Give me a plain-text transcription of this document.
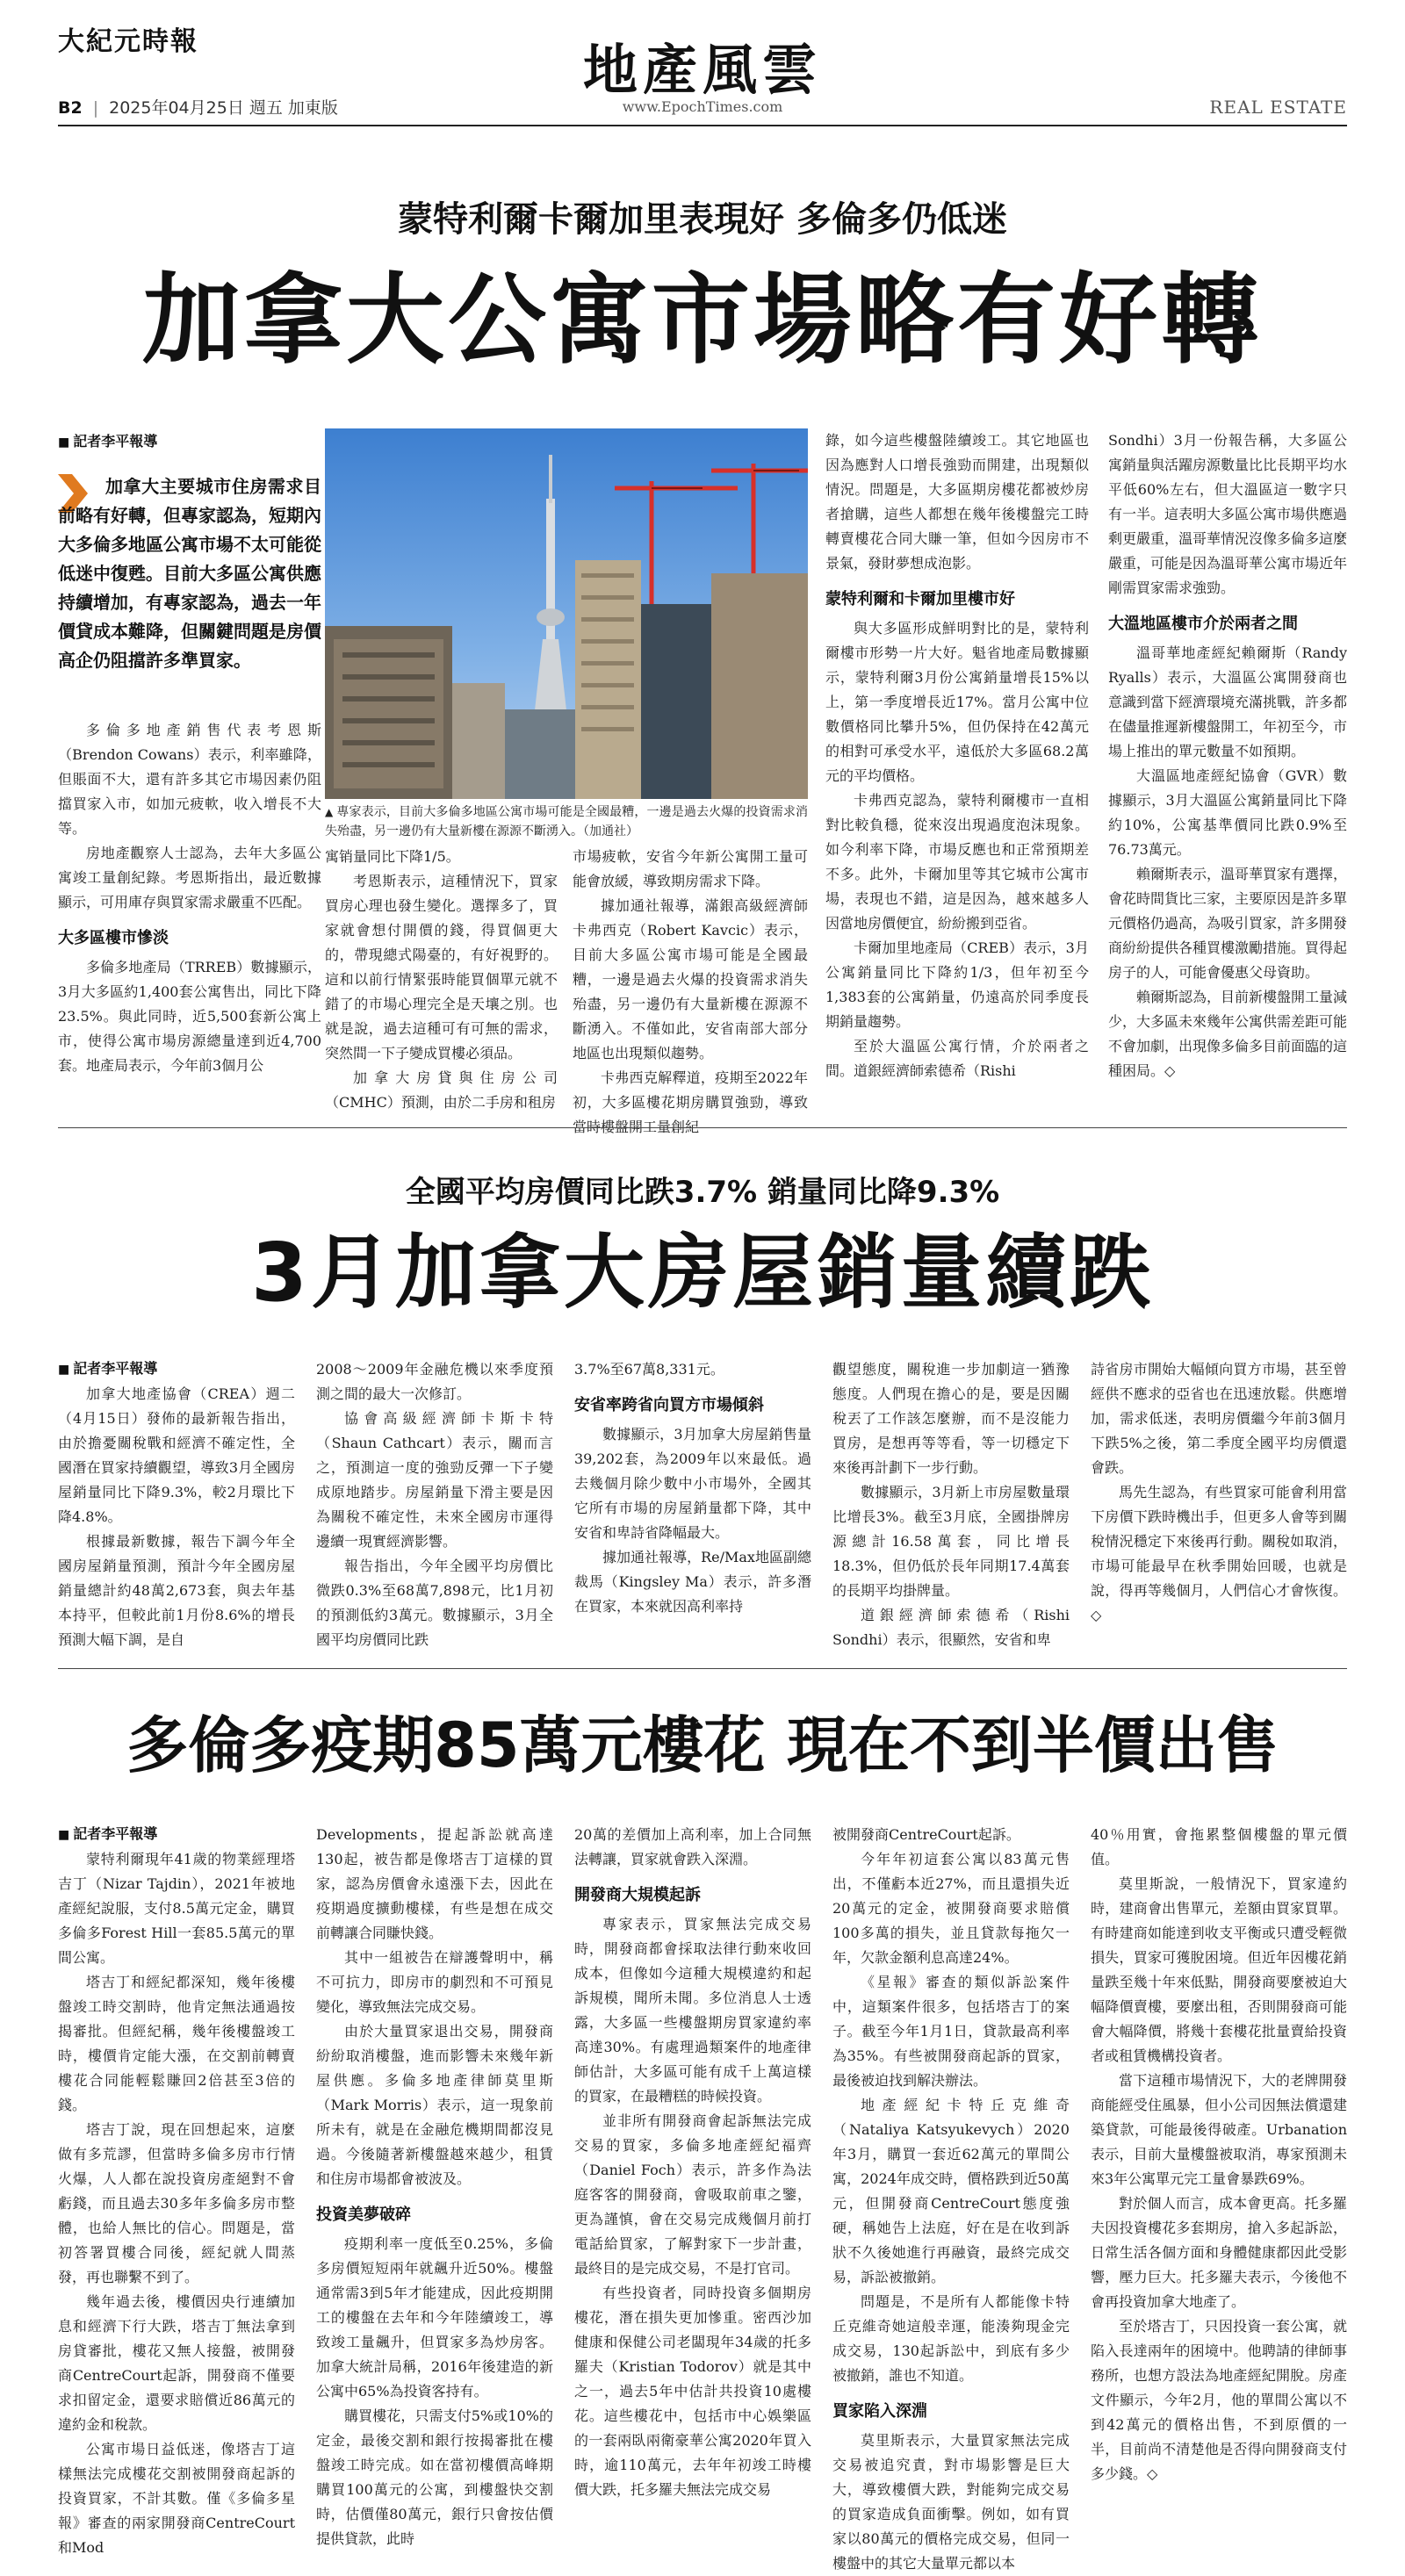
大紀元時報
B2 | 2025年04月25日 週五 加東版
地產風雲
www.EpochTimes.com	REAL ESTATE
蒙特利爾卡爾加里表現好 多倫多仍低迷
加拿大公寓市場略有好轉
■ 記者李平報導
加拿大主要城市住房需求目前略有好轉，但專家認為，短期內大多倫多地區公寓市場不太可能從低迷中復甦。目前大多區公寓供應持續增加，有專家認為，過去一年價貸成本難降，但關鍵問題是房價高企仍阻擋許多準買家。

多倫多地產銷售代表考恩斯（Brendon Cowans）表示，利率雖降，但賬面不大，還有許多其它市場因素仍阻擋買家入市，如加元疲軟，收入增長不大等。

房地產觀察人士認為，去年大多區公寓竣工量創紀錄。考恩斯指出，最近數據顯示，可用庫存與買家需求嚴重不匹配。

大多區樓市慘淡

多倫多地產局（TRREB）數據顯示，3月大多區約1,400套公寓售出，同比下降23.5%。與此同時，近5,500套新公寓上市，使得公寓市場房源總量達到近4,700套。地產局表示，今年前3個月公

▲ 專家表示，目前大多倫多地區公寓市場可能是全國最糟，一邊是過去火爆的投資需求消失殆盡，另一邊仍有大量新樓在源源不斷湧入。（加通社）

寓销量同比下降1/5。

考恩斯表示，這種情況下，買家買房心理也發生變化。選擇多了，買家就會想付開價的錢，得買個更大的，帶現總式陽臺的，有好視野的。這和以前行情緊張時能買個單元就不錯了的市場心理完全是天壤之別。也就是說，過去這種可有可無的需求，突然間一下子變成買樓必須品。

加拿大房貸與住房公司（CMHC）預測，由於二手房和租房

市場疲軟，安省今年新公寓開工量可能會放緩，導致期房需求下降。

據加通社報導，滿銀高級經濟師卡弗西克（Robert Kavcic）表示，目前大多區公寓市場可能是全國最糟，一邊是過去火爆的投資需求消失殆盡，另一邊仍有大量新樓在源源不斷湧入。不僅如此，安省南部大部分地區也出現類似趨勢。

卡弗西克解釋道，疫期至2022年初，大多區樓花期房購買強勁，導致當時樓盤開工量創紀

錄，如今這些樓盤陸續竣工。其它地區也因為應對人口增長強勁而開建，出現類似情況。問題是，大多區期房樓花都被炒房者搶購，這些人都想在幾年後樓盤完工時轉賣樓花合同大賺一筆，但如今因房市不景氣，發財夢想成泡影。

蒙特利爾和卡爾加里樓市好

與大多區形成鮮明對比的是，蒙特利爾樓市形勢一片大好。魁省地產局數據顯示，蒙特利爾3月份公寓銷量增長15%以上，第一季度增長近17%。當月公寓中位數價格同比攀升5%，但仍保持在42萬元的相對可承受水平，遠低於大多區68.2萬元的平均價格。

卡弗西克認為，蒙特利爾樓市一直相對比較負穩，從來沒出現過度泡沫現象。如今利率下降，市場反應也和正常預期差不多。此外，卡爾加里等其它城市公寓市場，表現也不錯，這是因為，越來越多人因當地房價便宜，紛紛搬到亞省。

卡爾加里地產局（CREB）表示，3月公寓銷量同比下降約1/3，但年初至今1,383套的公寓銷量，仍遠高於同季度長期銷量趨勢。

至於大溫區公寓行情，介於兩者之間。道銀經濟師索德希（Rishi

Sondhi）3月一份報告稱，大多區公寓銷量與活躍房源數量比比長期平均水平低60%左右，但大溫區這一數字只有一半。這表明大多區公寓市場供應過剩更嚴重，溫哥華情況沒像多倫多這麼嚴重，可能是因為溫哥華公寓市場近年剛需買家需求強勁。

大溫地區樓市介於兩者之間

溫哥華地產經紀賴爾斯（Randy Ryalls）表示，大溫區公寓開發商也意識到當下經濟環境充滿挑戰，許多都在儘量推遲新樓盤開工，年初至今，市場上推出的單元數量不如預期。

大溫區地產經紀協會（GVR）數據顯示，3月大溫區公寓銷量同比下降約10%，公寓基準價同比跌0.9%至76.73萬元。

賴爾斯表示，溫哥華買家有選擇，會花時間貨比三家，主要原因是許多單元價格仍過高，為吸引買家，許多開發商紛紛提供各種買樓激勵措施。買得起房子的人，可能會優惠父母資助。

賴爾斯認為，目前新樓盤開工量減少，大多區未來幾年公寓供需差距可能不會加劇，出現像多倫多目前面臨的這種困局。◇

全國平均房價同比跌3.7% 銷量同比降9.3%
3月加拿大房屋銷量續跌
■ 記者李平報導

加拿大地產協會（CREA）週二（4月15日）發佈的最新報告指出，由於擔憂關稅戰和經濟不確定性，全國潛在買家持續觀望，導致3月全國房屋銷量同比下降9.3%，較2月環比下降4.8%。

根據最新數據，報告下調今年全國房屋銷量預測，預計今年全國房屋銷量總計約48萬2,673套，與去年基本持平，但較此前1月份8.6%的增長預測大幅下調，是自

2008～2009年金融危機以來季度預測之間的最大一次修訂。

協會高級經濟師卡斯卡特（Shaun Cathcart）表示，關而言之，預測這一度的強勁反彈一下子變成原地踏步。房屋銷量下滑主要是因為關稅不確定性，未來全國房市運得邊續一現實經濟影響。

報告指出，今年全國平均房價比微跌0.3%至68萬7,898元，比1月初的預測低約3萬元。數據顯示，3月全國平均房價同比跌

3.7%至67萬8,331元。

安省率跨省向買方市場傾斜

數據顯示，3月加拿大房屋銷售量39,202套，為2009年以來最低。過去幾個月除少數中小市場外，全國其它所有市場的房屋銷量都下降，其中安省和卑詩省降幅最大。

據加通社報導，Re/Max地區副總裁馬（Kingsley Ma）表示，許多潛在買家，本來就因高利率持

觀望態度，關稅進一步加劇這一猶豫態度。人們現在擔心的是，要是因關稅丟了工作該怎麼辦，而不是沒能力買房，是想再等等看，等一切穩定下來後再計劃下一步行動。

數據顯示，3月新上市房屋數量環比增長3%。截至3月底，全國掛牌房源總計16.58萬套，同比增長18.3%，但仍低於長年同期17.4萬套的長期平均掛牌量。

道銀經濟師索德希（Rishi Sondhi）表示，很顯然，安省和卑

詩省房市開始大幅傾向買方市場，甚至曾經供不應求的亞省也在迅速放鬆。供應增加，需求低迷，表明房價繼今年前3個月下跌5%之後，第二季度全國平均房價還會跌。

馬先生認為，有些買家可能會利用當下房價下跌時機出手，但更多人會等到關稅情況穩定下來後再行動。關稅如取消，市場可能最早在秋季開始回暖，也就是說，得再等幾個月，人們信心才會恢復。◇

多倫多疫期85萬元樓花 現在不到半價出售
■ 記者李平報導

蒙特利爾現年41歲的物業經理塔吉丁（Nizar Tajdin），2021年被地產經紀說服，支付8.5萬元定金，購買多倫多Forest Hill一套85.5萬元的單間公寓。

塔吉丁和經紀都深知，幾年後樓盤竣工時交割時，他肯定無法通過按揭審批。但經紀稱，幾年後樓盤竣工時，樓價肯定能大漲，在交割前轉賣樓花合同能輕鬆賺回2倍甚至3倍的錢。

塔吉丁說，現在回想起來，這麼做有多荒謬，但當時多倫多房市行情火爆，人人都在說投資房產絕對不會虧錢，而且過去30多年多倫多房市整體，也給人無比的信心。問題是，當初答署買樓合同後，經紀就人間蒸發，再也聯繫不到了。

幾年過去後，樓價因央行連續加息和經濟下行大跌，塔吉丁無法拿到房貸審批，樓花又無人接盤，被開發商CentreCourt起訴，開發商不僅要求扣留定金，還要求賠償近86萬元的違約金和稅款。

公寓市場日益低迷，像塔吉丁這樣無法完成樓花交割被開發商起訴的投資買家，不計其數。僅《多倫多星報》審查的兩家開發商CentreCourt和Mod

Developments，提起訴訟就高達130起，被告都是像塔吉丁這樣的買家，認為房價會永遠漲下去，因此在疫期過度擴動樓樣，有些是想在成交前轉讓合同賺快錢。

其中一組被告在辯護聲明中，稱不可抗力，即房市的劇烈和不可預見變化，導致無法完成交易。

由於大量買家退出交易，開發商紛紛取消樓盤，進而影響未來幾年新屋供應。多倫多地產律師莫里斯（Mark Morris）表示，這一現象前所未有，就是在金融危機期間都沒見過。今後隨著新樓盤越來越少，租賃和住房市場都會被波及。

投資美夢破碎

疫期利率一度低至0.25%，多倫多房價短短兩年就飆升近50%。樓盤通常需3到5年才能建成，因此疫期開工的樓盤在去年和今年陸續竣工，導致竣工量飆升，但買家多為炒房客。加拿大統計局稱，2016年後建造的新公寓中65%為投資客持有。

購買樓花，只需支付5%或10%的定金，最後交割和銀行按揭審批在樓盤竣工時完成。如在當初樓價高峰期購買100萬元的公寓，到樓盤快交割時，估價僅80萬元，銀行只會按估價提供貸款，此時

20萬的差價加上高利率，加上合同無法轉讓，買家就會跌入深淵。

開發商大規模起訴

專家表示，買家無法完成交易時，開發商都會採取法律行動來收回成本，但像如今這種大規模違約和起訴規模，聞所未聞。多位消息人士透露，大多區一些樓盤期房買家違約率高達30%。有處理過類案件的地產律師估計，大多區可能有成千上萬這樣的買家，在最糟糕的時候投資。

並非所有開發商會起訴無法完成交易的買家，多倫多地產經紀福齊（Daniel Foch）表示，許多作為法庭客客的開發商，會吸取前車之鑒，更為謹慎，會在交易完成幾個月前打電話給買家，了解對家下一步計畫，最終目的是完成交易，不是打官司。

有些投資者，同時投資多個期房樓花，潛在損失更加慘重。密西沙加健康和保健公司老闆現年34歲的托多羅夫（Kristian Todorov）就是其中之一，過去5年中估計共投資10處樓花。這些樓花中，包括市中心娛樂區的一套兩臥兩衛豪華公寓2020年買入時，逾110萬元，去年年初竣工時樓價大跌，托多羅夫無法完成交易

被開發商CentreCourt起訴。

今年年初這套公寓以83萬元售出，不僅虧本近27%，而且還損失近20萬元的定金，被開發商要求賠償100多萬的損失，並且貸款每拖欠一年，欠款金額利息高達24%。

《星報》審查的類似訴訟案件中，這類案件很多，包括塔吉丁的案子。截至今年1月1日，貸款最高利率為35%。有些被開發商起訴的買家，最後被迫找到解決辦法。

地產經紀卡特丘克維奇（Nataliya Katsyukevych）2020年3月，購買一套近62萬元的單間公寓，2024年成交時，價格跌到近50萬元，但開發商CentreCourt態度強硬，稱她告上法庭，好在是在收到訴狀不久後她進行再融資，最終完成交易，訴訟被撤銷。

問題是，不是所有人都能像卡特丘克維奇她這般幸運，能湊夠現金完成交易，130起訴訟中，到底有多少被撤銷，誰也不知道。

買家陷入深淵

莫里斯表示，大量買家無法完成交易被追究責，對市場影響是巨大大，導致樓價大跌，對能夠完成交易的買家造成負面衝擊。例如，如有買家以80萬元的價格完成交易，但同一樓盤中的其它大量單元都以本

40％用實，會拖累整個樓盤的單元價值。

莫里斯說，一般情況下，買家違約時，建商會出售單元，差額由買家買單。有時建商如能達到收支平衡或只遭受輕微損失，買家可獲脫困境。但近年因樓花銷量跌至幾十年來低點，開發商要麼被迫大幅降價賣樓，要麼出租，否則開發商可能會大幅降價，將幾十套樓花批量賣給投資者或租賃機構投資者。

當下這種市場情況下，大的老牌開發商能經受住風暴，但小公司因無法償還建築貸款，可能最後得破產。Urbanation表示，目前大量樓盤被取消，專家預測未來3年公寓單元完工量會暴跌69%。

對於個人而言，成本會更高。托多羅夫因投資樓花多套期房，搶入多起訴訟，日常生活各個方面和身體健康都因此受影響，壓力巨大。托多羅夫表示，今後他不會再投資加拿大地產了。

至於塔吉丁，只因投資一套公寓，就陷入長達兩年的困境中。他聘請的律師事務所，也想方設法為地產經紀開脫。房產文件顯示，今年2月，他的單間公寓以不到42萬元的價格出售，不到原價的一半，目前尚不清楚他是否得向開發商支付多少錢。◇
